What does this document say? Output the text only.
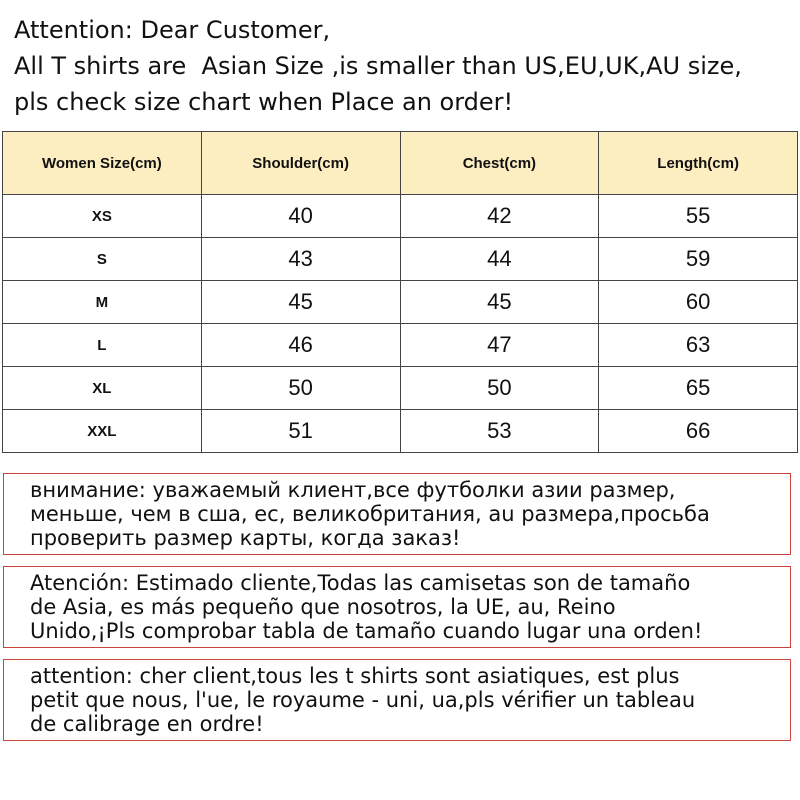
Attention: Dear Customer,
All T shirts are  Asian Size ,is smaller than US,EU,UK,AU size,
pls check size chart when Place an order!
Women Size(cm)	Shoulder(cm)	Chest(cm)	Length(cm)
XS	40	42	55
S	43	44	59
M	45	45	60
L	46	47	63
XL	50	50	65
XXL	51	53	66
внимание: уважаемый клиент,все футболки азии размер,
меньше, чем в сша, ес, великобритания, au размера,просьба
проверить размер карты, когда заказ!
Atención: Estimado cliente,Todas las camisetas son de tamaño
de Asia, es más pequeño que nosotros, la UE, au, Reino
Unido,¡Pls comprobar tabla de tamaño cuando lugar una orden!
attention: cher client,tous les t shirts sont asiatiques, est plus
petit que nous, l'ue, le royaume - uni, ua,pls vérifier un tableau
de calibrage en ordre!
